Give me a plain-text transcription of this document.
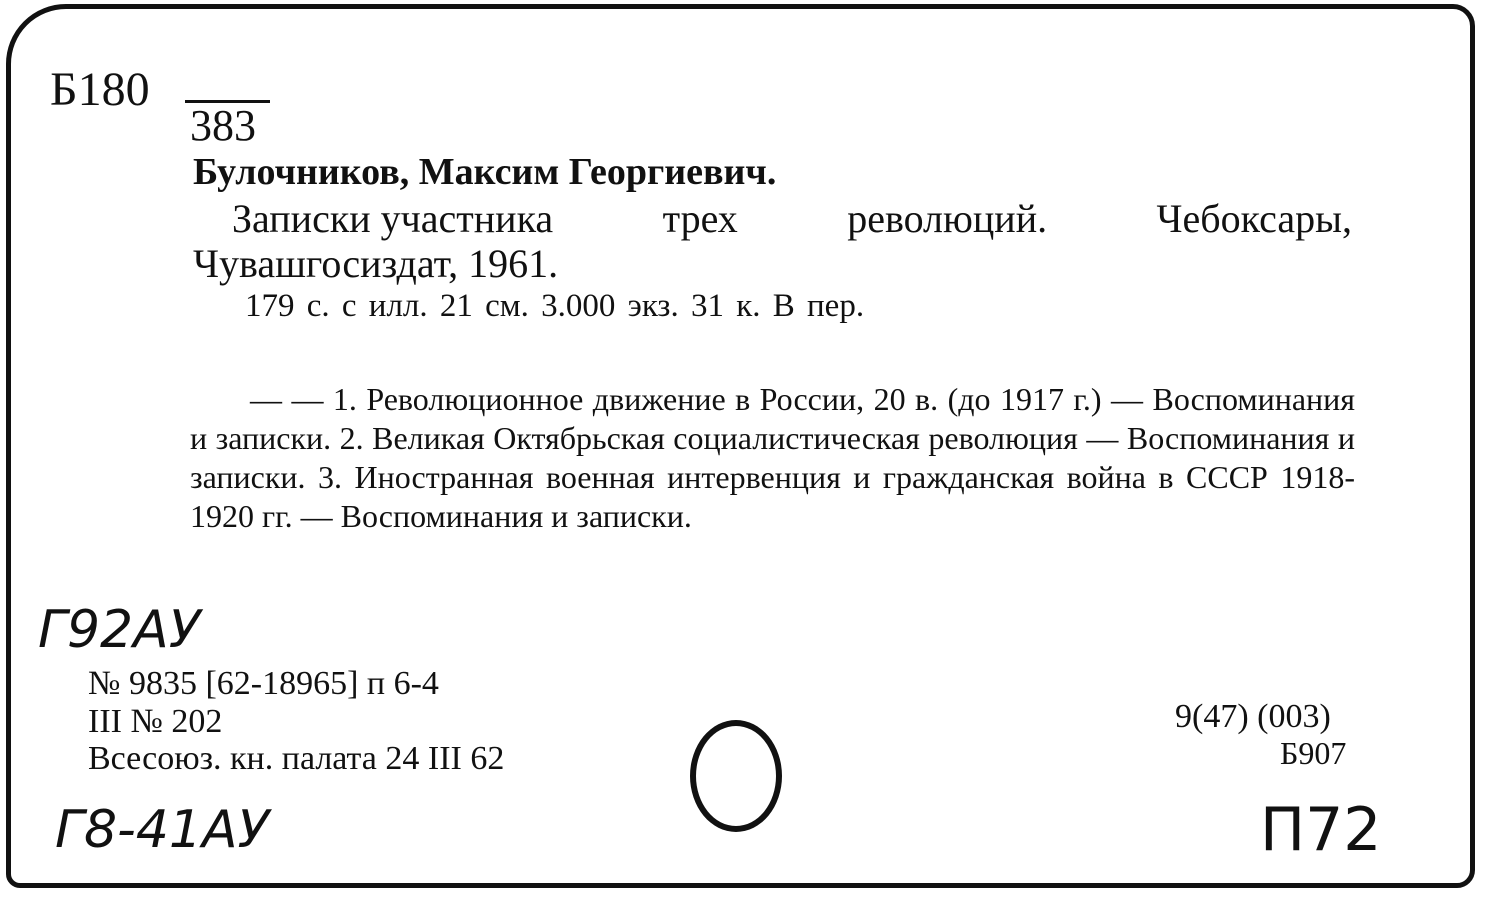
Б180
383
Булочников, Максим Георгиевич.
Записки участника	трех	революций.	Чебоксары,
Чувашгосиздат, 1961.
179 с. с илл. 21 см. 3.000 экз. 31 к. В пер.
— — 1. Революционное движение в России, 20 в. (до 1917 г.) — Воспоминания и записки. 2. Великая Октябрьская социалистическая революция — Воспоминания и записки. 3. Иностранная военная интервенция и гражданская война в СССР 1918-1920 гг. — Воспоминания и записки.
Г92АУ
№ 9835 [62-18965] п 6-4
III № 202
Всесоюз. кн. палата 24 III 62
9(47) (003)
Б907
Г8-41АУ	П72
